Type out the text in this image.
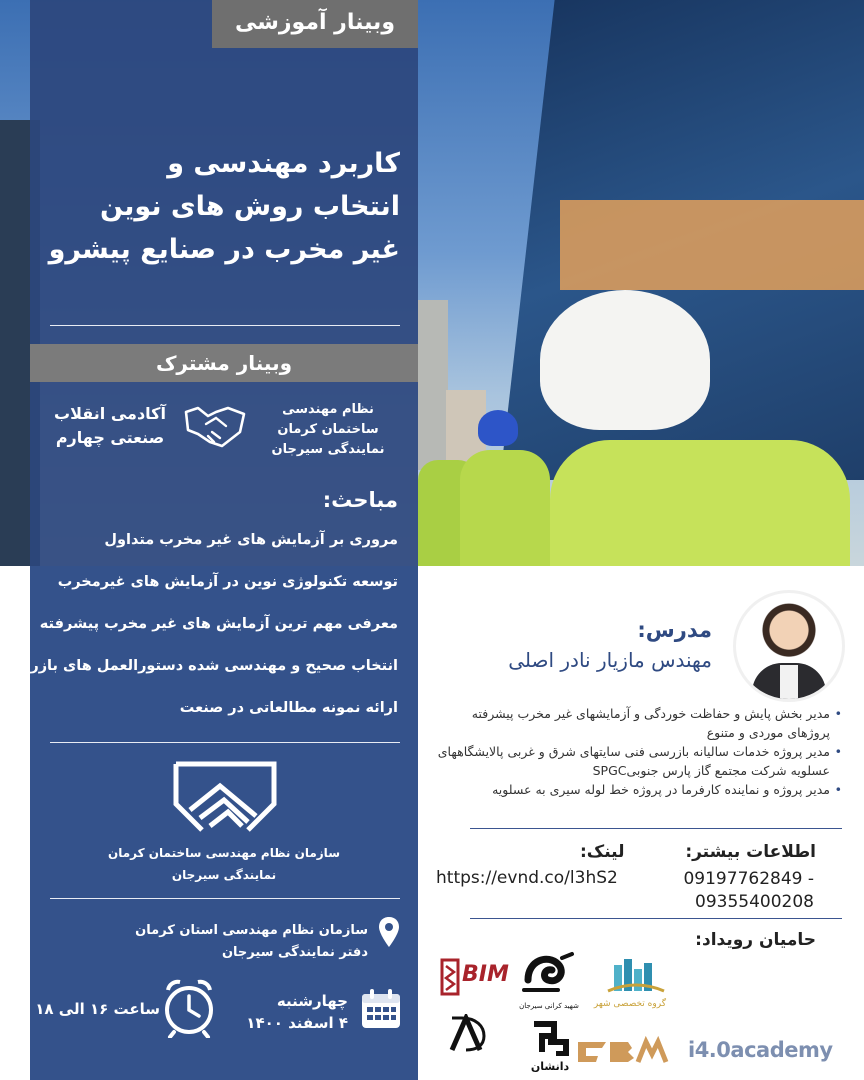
وبینار آموزشی
کاربرد مهندسی و
انتخاب روش های نوین
غیر مخرب در صنایع پیشرو
وبینار مشترک
نظام مهندسی
ساختمان کرمان
نمایندگی سیرجان
آکادمی انقلاب
صنعتی چهارم
مباحث:
مروری بر آزمایش های غیر مخرب متداول
توسعه تکنولوژی نوین در آزمایش های غیرمخرب
معرفی مهم ترین آزمایش های غیر مخرب پیشرفته
انتخاب صحیح و مهندسی شده دستورالعمل های بازرسی
ارائه نمونه مطالعاتی در صنعت
سازمان نظام مهندسی ساختمان کرمان
نمایندگی سیرجان
سازمان نظام مهندسی استان کرمان
دفتر نمایندگی سیرجان
چهارشنبه
۴ اسفند ۱۴۰۰
ساعت ۱۶ الی ۱۸
مدرس:
مهندس مازیار نادر اصلی
• مدیر بخش پایش و حفاظت خوردگی و آزمایشهای غیر مخرب پیشرفته پروژهای موردی و متنوع
• مدیر پروژه خدمات سالیانه بازرسی فنی سایتهای شرق و غربی پالایشگاههای عسلویه شرکت مجتمع گاز پارس جنوبیSPGC
• مدیر پروژه و نماینده کارفرما در پروژه خط لوله سیری به عسلویه
اطلاعات بیشتر:
09197762849 -
09355400208
لینک:
https://evnd.co/l3hS2
حامیان رویداد:
گروه تخصصی شهر
شهید کرانی سیرجان
BIM
i4.0academy
دانشان
